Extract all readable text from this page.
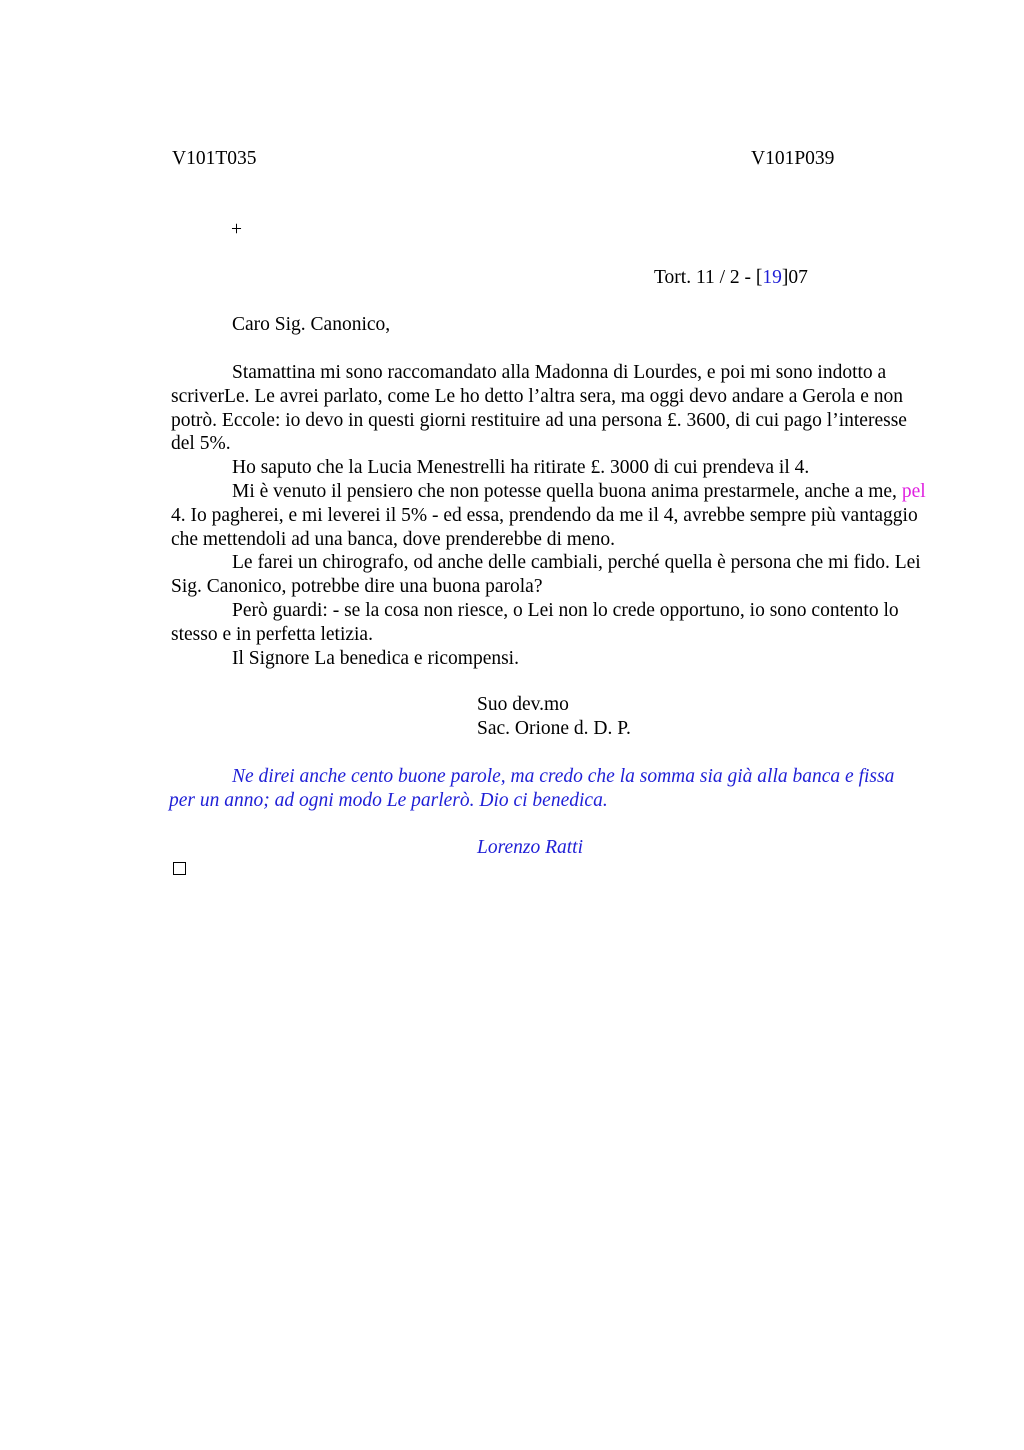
V101T035	V101P039
+
Tort. 11 / 2 - [19]07
Caro Sig. Canonico,

Stamattina mi sono raccomandato alla Madonna di Lourdes, e poi mi sono indotto a scriverLe. Le avrei parlato, come Le ho detto l’altra sera, ma oggi devo andare a Gerola e non potrò. Eccole: io devo in questi giorni restituire ad una persona £. 3600, di cui pago l’interesse del 5%.

Ho saputo che la Lucia Menestrelli ha ritirate £. 3000 di cui prendeva il 4.

Mi è venuto il pensiero che non potesse quella buona anima prestarmele, anche a me, pel 4. Io pagherei, e mi leverei il 5% - ed essa, prendendo da me il 4, avrebbe sempre più vantaggio che mettendoli ad una banca, dove prenderebbe di meno.

Le farei un chirografo, od anche delle cambiali, perché quella è persona che mi fido. Lei Sig. Canonico, potrebbe dire una buona parola?

Però guardi: - se la cosa non riesce, o Lei non lo crede opportuno, io sono contento lo stesso e in perfetta letizia.

Il Signore La benedica e ricompensi.

Suo dev.mo
Sac. Orione d. D. P.

Ne direi anche cento buone parole, ma credo che la somma sia già alla banca e fissa per un anno; ad ogni modo Le parlerò. Dio ci benedica.

Lorenzo Ratti
